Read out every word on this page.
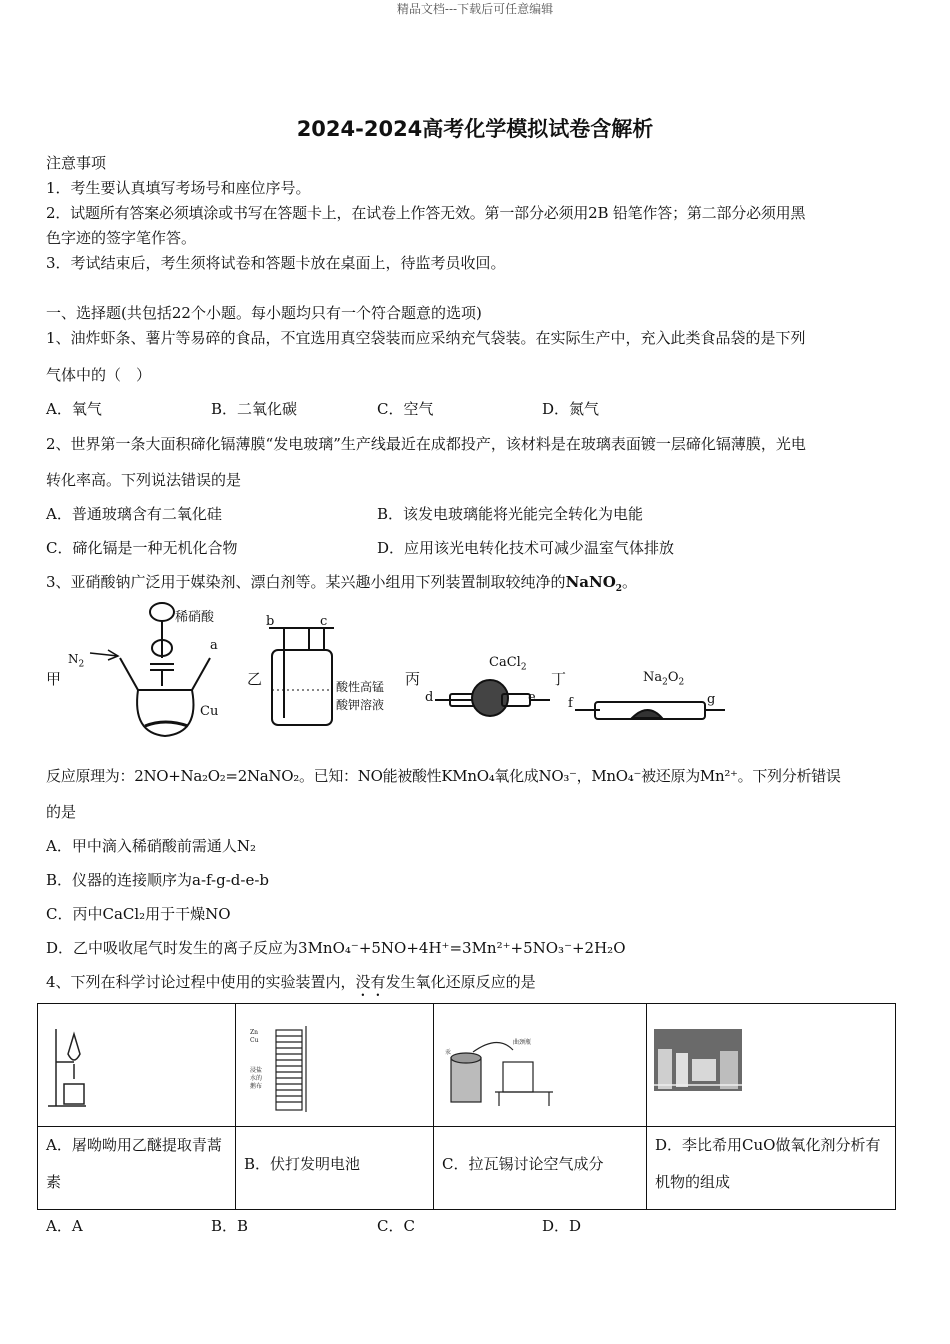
精品文档---下载后可任意编辑
2024-2024高考化学模拟试卷含解析
注意事项
1．考生要认真填写考场号和座位序号。
2．试题所有答案必须填涂或书写在答题卡上，在试卷上作答无效。第一部分必须用2B 铅笔作答；第二部分必须用黑
色字迹的签字笔作答。
3．考试结束后，考生须将试卷和答题卡放在桌面上，待监考员收回。
一、选择题(共包括22个小题。每小题均只有一个符合题意的选项)
1、油炸虾条、薯片等易碎的食品，不宜选用真空袋装而应采纳充气袋装。在实际生产中，充入此类食品袋的是下列
气体中的（　）
A．氧气	B．二氧化碳	C．空气	D．氮气
2、世界第一条大面积碲化镉薄膜“发电玻璃”生产线最近在成都投产，该材料是在玻璃表面镀一层碲化镉薄膜，光电
转化率高。下列说法错误的是
A．普通玻璃含有二氧化硅	B．该发电玻璃能将光能完全转化为电能
C．碲化镉是一种无机化合物	D．应用该光电转化技术可减少温室气体排放
3、亚硝酸钠广泛用于媒染剂、漂白剂等。某兴趣小组用下列装置制取较纯净的NaNO$_2$。
甲	乙	丙	丁
稀硝酸
$N_2$
a
Cu
b	c
酸性高锰
酸钾溶液
CaCl$_2$
d	e
$Na_2O_2$
f	g
反应原理为：2NO+Na₂O₂=2NaNO₂。已知：NO能被酸性KMnO₄氧化成NO₃⁻，MnO₄⁻被还原为Mn²⁺。下列分析错误
的是
A．甲中滴入稀硝酸前需通人N₂
B．仪器的连接顺序为a-f-g-d-e-b
C．丙中CaCl₂用于干燥NO
D．乙中吸收尾气时发生的离子反应为3MnO₄⁻+5NO+4H⁺=3Mn²⁺+5NO₃⁻+2H₂O
4、下列在科学讨论过程中使用的实验装置内，没有发生氧化还原反应的是
Zn
Cu
浸盐
水的
鹅布
汞
曲颈瓶
A．屠呦呦用乙醚提取青蒿素
B．伏打发明电池	C．拉瓦锡讨论空气成分
D．李比希用CuO做氧化剂分析有机物的组成
A．A	B．B	C．C	D．D
